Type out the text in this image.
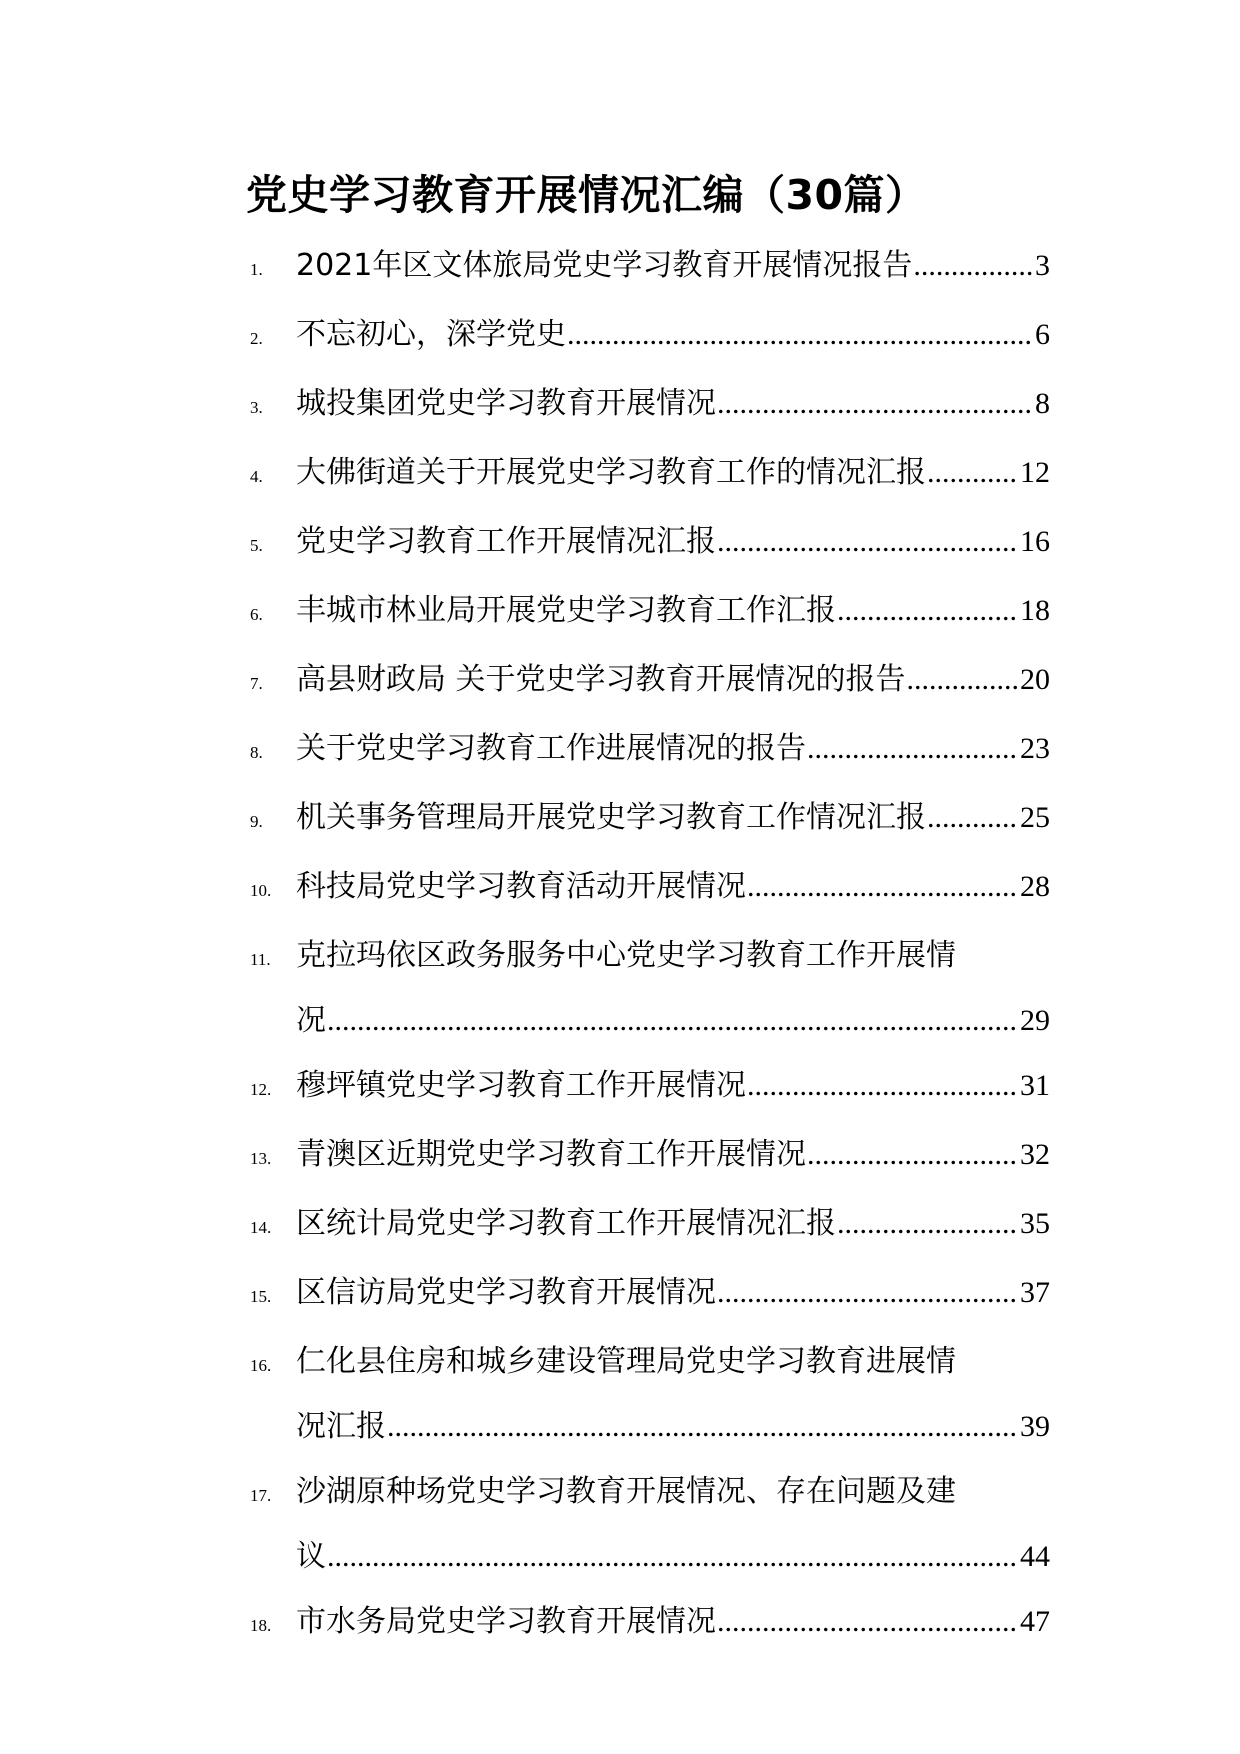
党史学习教育开展情况汇编（30篇）
1.	2021年区文体旅局党史学习教育开展情况报告 .....	3
2.	不忘初心，深学党史 .....	6
3.	城投集团党史学习教育开展情况 .....	8
4.	大佛街道关于开展党史学习教育工作的情况汇报 .....	12
5.	党史学习教育工作开展情况汇报 .....	16
6.	丰城市林业局开展党史学习教育工作汇报 .....	18
7.	高县财政局 关于党史学习教育开展情况的报告 .....	20
8.	关于党史学习教育工作进展情况的报告 .....	23
9.	机关事务管理局开展党史学习教育工作情况汇报 .....	25
10. 科技局党史学习教育活动开展情况 .....	28
11. 克拉玛依区政务服务中心党史学习教育工作开展情
况 .....	29
12. 穆坪镇党史学习教育工作开展情况 .....	31
13. 青澳区近期党史学习教育工作开展情况 .....	32
14. 区统计局党史学习教育工作开展情况汇报 .....	35
15. 区信访局党史学习教育开展情况 .....	37
16. 仁化县住房和城乡建设管理局党史学习教育进展情
况汇报 .....	39
17. 沙湖原种场党史学习教育开展情况、存在问题及建
议 .....	44
18. 市水务局党史学习教育开展情况 .....	47
